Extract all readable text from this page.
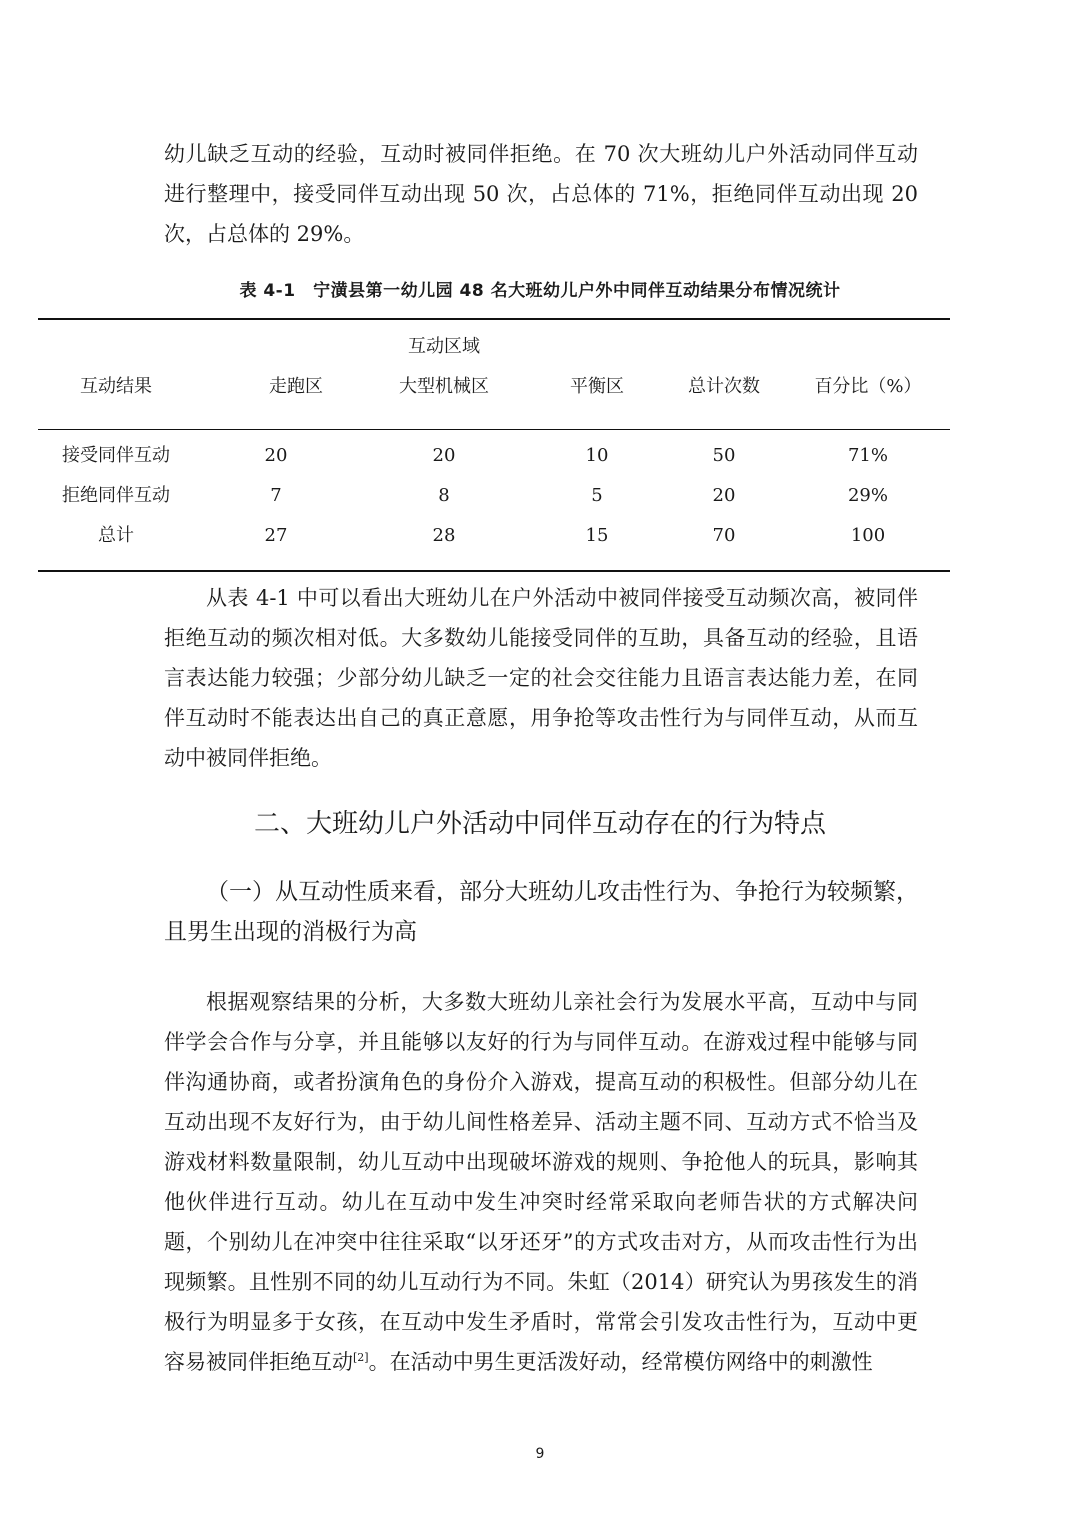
幼儿缺乏互动的经验，互动时被同伴拒绝。在 70 次大班幼儿户外活动同伴互动进行整理中，接受同伴互动出现 50 次，占总体的 71%，拒绝同伴互动出现 20 次，占总体的 29%。
表 4-1　宁潢县第一幼儿园 48 名大班幼儿户外中同伴互动结果分布情况统计
互动区域
互动结果	走跑区	大型机械区	平衡区	总计次数	百分比（%）
接受同伴互动	20	20	10	50	71%
拒绝同伴互动	7	8	5	20	29%
总计	27	28	15	70	100
从表 4-1 中可以看出大班幼儿在户外活动中被同伴接受互动频次高，被同伴拒绝互动的频次相对低。大多数幼儿能接受同伴的互助，具备互动的经验，且语言表达能力较强；少部分幼儿缺乏一定的社会交往能力且语言表达能力差，在同伴互动时不能表达出自己的真正意愿，用争抢等攻击性行为与同伴互动，从而互动中被同伴拒绝。
二、大班幼儿户外活动中同伴互动存在的行为特点
（一）从互动性质来看，部分大班幼儿攻击性行为、争抢行为较频繁，且男生出现的消极行为高
根据观察结果的分析，大多数大班幼儿亲社会行为发展水平高，互动中与同伴学会合作与分享，并且能够以友好的行为与同伴互动。在游戏过程中能够与同伴沟通协商，或者扮演角色的身份介入游戏，提高互动的积极性。但部分幼儿在互动出现不友好行为，由于幼儿间性格差异、活动主题不同、互动方式不恰当及游戏材料数量限制，幼儿互动中出现破坏游戏的规则、争抢他人的玩具，影响其他伙伴进行互动。幼儿在互动中发生冲突时经常采取向老师告状的方式解决问题，个别幼儿在冲突中往往采取“以牙还牙”的方式攻击对方，从而攻击性行为出现频繁。且性别不同的幼儿互动行为不同。朱虹（2014）研究认为男孩发生的消极行为明显多于女孩，在互动中发生矛盾时，常常会引发攻击性行为，互动中更容易被同伴拒绝互动[2]。在活动中男生更活泼好动，经常模仿网络中的刺激性
9
